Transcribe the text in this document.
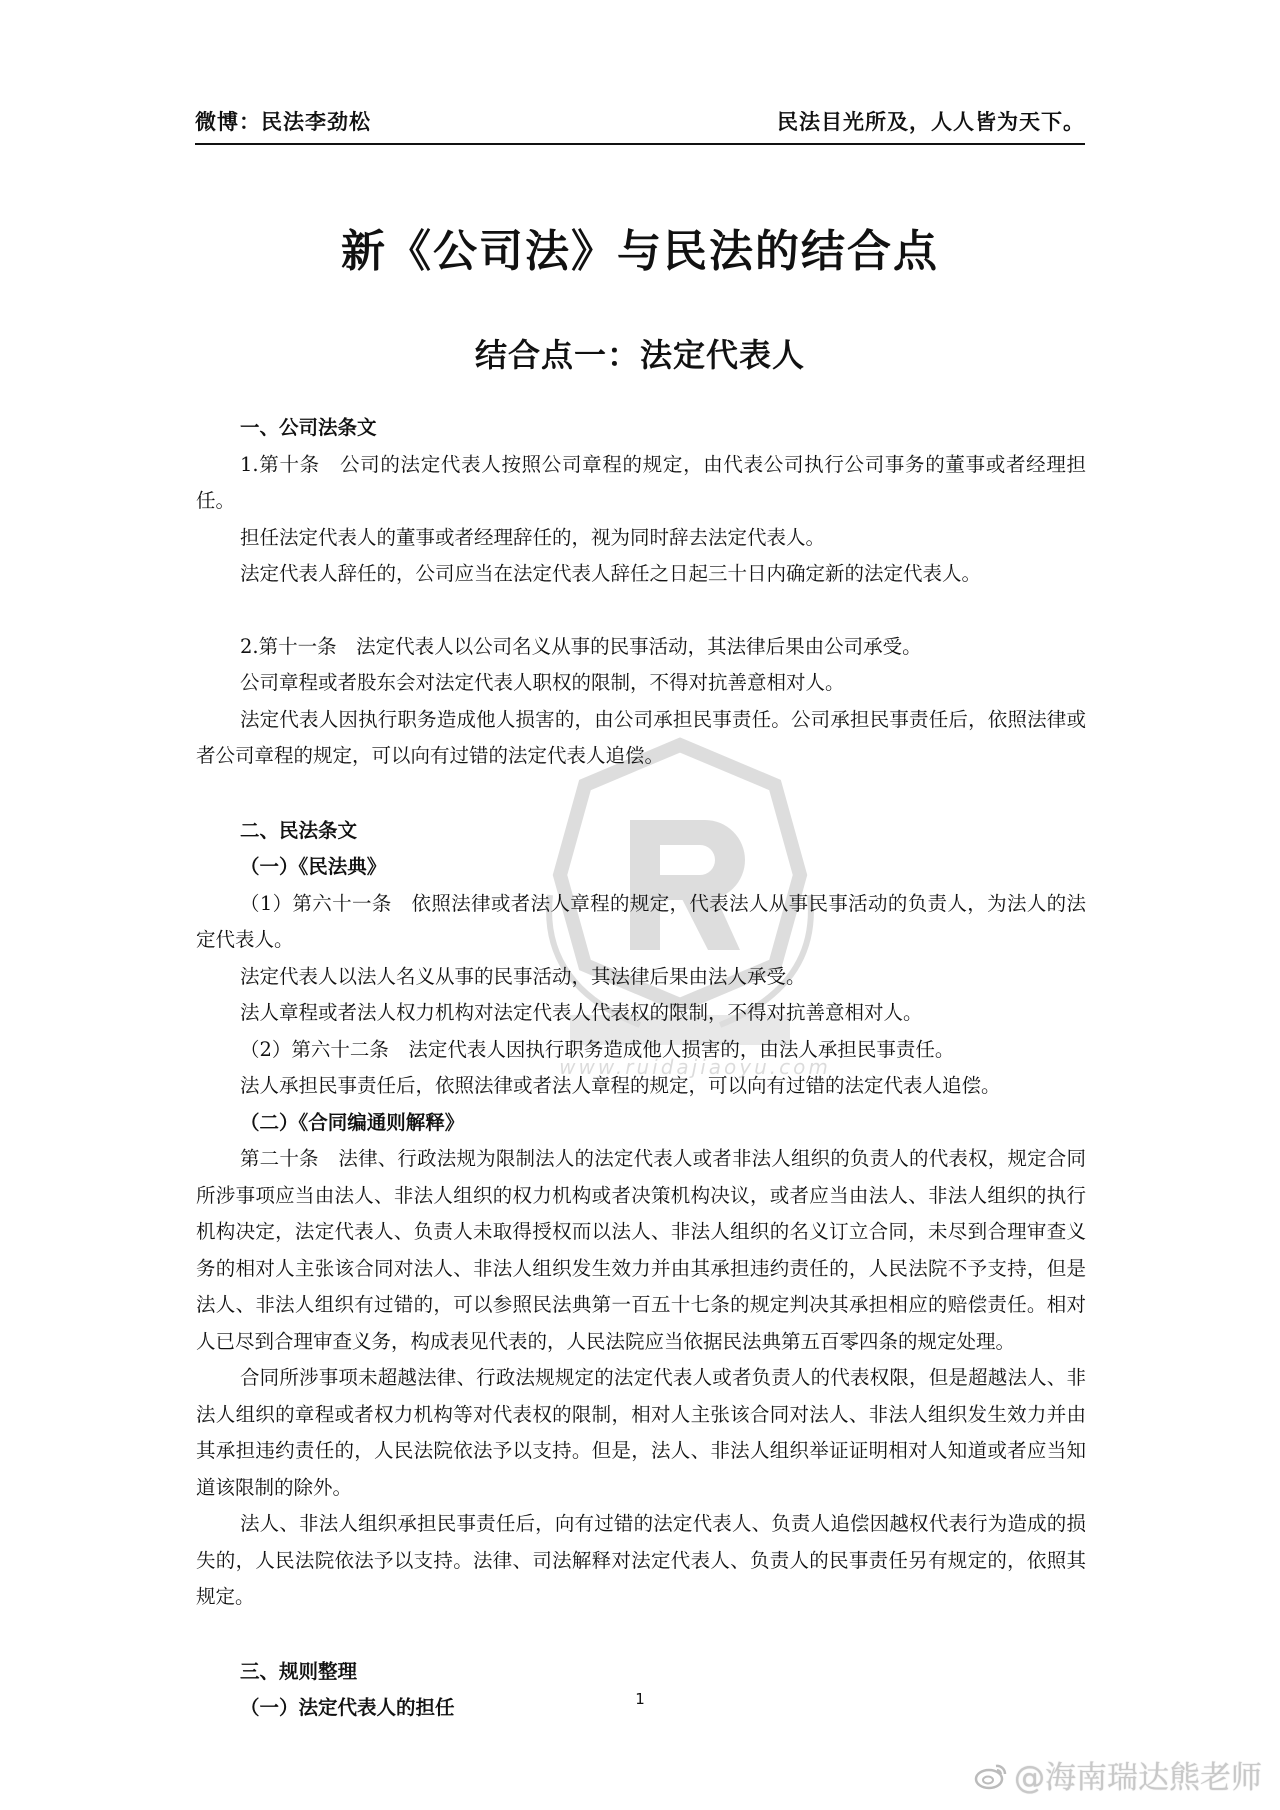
微博：民法李劲松	民法目光所及，人人皆为天下。
新《公司法》与民法的结合点
结合点一：法定代表人
www.ruidajiaoyu.com

一、公司法条文

1.第十条　公司的法定代表人按照公司章程的规定，由代表公司执行公司事务的董事或者经理担任。

担任法定代表人的董事或者经理辞任的，视为同时辞去法定代表人。

法定代表人辞任的，公司应当在法定代表人辞任之日起三十日内确定新的法定代表人。

2.第十一条　法定代表人以公司名义从事的民事活动，其法律后果由公司承受。

公司章程或者股东会对法定代表人职权的限制，不得对抗善意相对人。

法定代表人因执行职务造成他人损害的，由公司承担民事责任。公司承担民事责任后，依照法律或者公司章程的规定，可以向有过错的法定代表人追偿。

二、民法条文

（一）《民法典》

（1）第六十一条　依照法律或者法人章程的规定，代表法人从事民事活动的负责人，为法人的法定代表人。

法定代表人以法人名义从事的民事活动，其法律后果由法人承受。

法人章程或者法人权力机构对法定代表人代表权的限制，不得对抗善意相对人。

（2）第六十二条　法定代表人因执行职务造成他人损害的，由法人承担民事责任。

法人承担民事责任后，依照法律或者法人章程的规定，可以向有过错的法定代表人追偿。

（二）《合同编通则解释》

第二十条　法律、行政法规为限制法人的法定代表人或者非法人组织的负责人的代表权，规定合同所涉事项应当由法人、非法人组织的权力机构或者决策机构决议，或者应当由法人、非法人组织的执行机构决定，法定代表人、负责人未取得授权而以法人、非法人组织的名义订立合同，未尽到合理审查义务的相对人主张该合同对法人、非法人组织发生效力并由其承担违约责任的，人民法院不予支持，但是法人、非法人组织有过错的，可以参照民法典第一百五十七条的规定判决其承担相应的赔偿责任。相对人已尽到合理审查义务，构成表见代表的，人民法院应当依据民法典第五百零四条的规定处理。

合同所涉事项未超越法律、行政法规规定的法定代表人或者负责人的代表权限，但是超越法人、非法人组织的章程或者权力机构等对代表权的限制，相对人主张该合同对法人、非法人组织发生效力并由其承担违约责任的，人民法院依法予以支持。但是，法人、非法人组织举证证明相对人知道或者应当知道该限制的除外。

法人、非法人组织承担民事责任后，向有过错的法定代表人、负责人追偿因越权代表行为造成的损失的，人民法院依法予以支持。法律、司法解释对法定代表人、负责人的民事责任另有规定的，依照其规定。

三、规则整理

（一）法定代表人的担任	1
@海南瑞达熊老师
